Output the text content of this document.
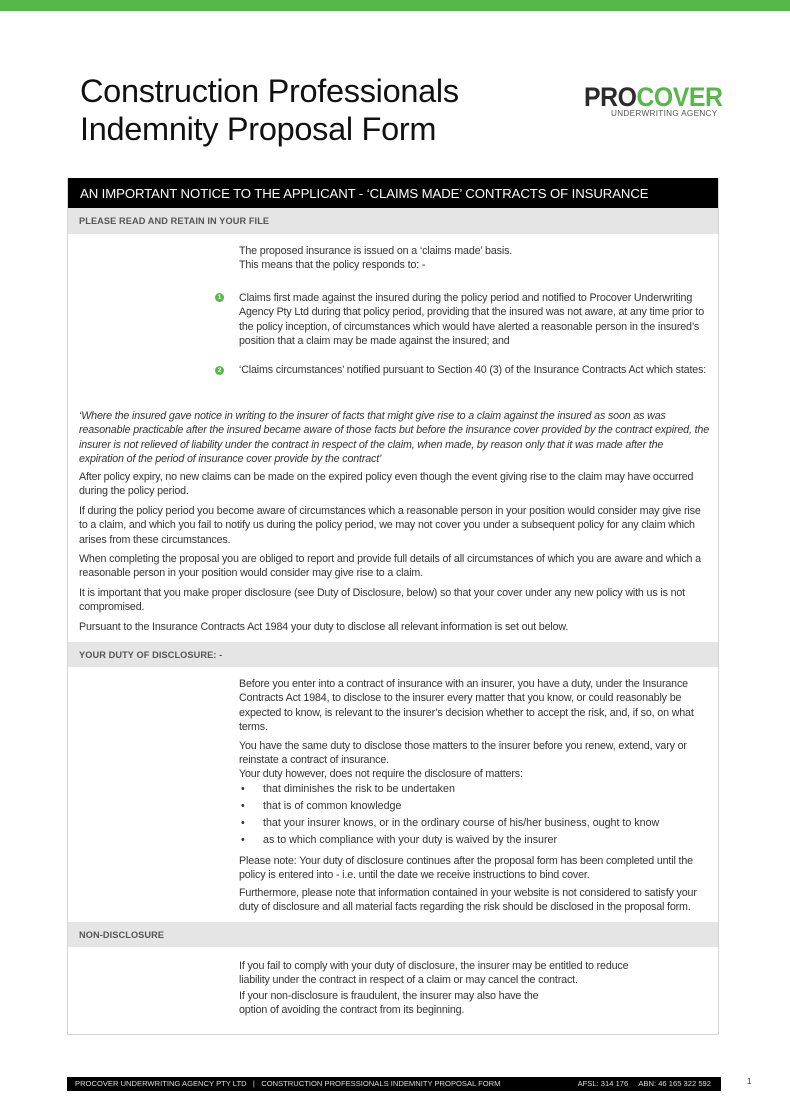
Construction Professionals
Indemnity Proposal Form
PROCOVER
UNDERWRITING AGENCY
AN IMPORTANT NOTICE TO THE APPLICANT - ‘CLAIMS MADE’ CONTRACTS OF INSURANCE
PLEASE READ AND RETAIN IN YOUR FILE
The proposed insurance is issued on a ‘claims made’ basis.
This means that the policy responds to: -
1 Claims first made against the insured during the policy period and notified to Procover Underwriting Agency Pty Ltd during that policy period, providing that the insured was not aware, at any time prior to the policy inception, of circumstances which would have alerted a reasonable person in the insured’s position that a claim may be made against the insured; and
2 ‘Claims circumstances’ notified pursuant to Section 40 (3) of the Insurance Contracts Act which states:
‘Where the insured gave notice in writing to the insurer of facts that might give rise to a claim against the insured as soon as was reasonable practicable after the insured became aware of those facts but before the insurance cover provided by the contract expired, the insurer is not relieved of liability under the contract in respect of the claim, when made, by reason only that it was made after the expiration of the period of insurance cover provide by the contract’
After policy expiry, no new claims can be made on the expired policy even though the event giving rise to the claim may have occurred during the policy period.
If during the policy period you become aware of circumstances which a reasonable person in your position would consider may give rise to a claim, and which you fail to notify us during the policy period, we may not cover you under a subsequent policy for any claim which arises from these circumstances.
When completing the proposal you are obliged to report and provide full details of all circumstances of which you are aware and which a reasonable person in your position would consider may give rise to a claim.
It is important that you make proper disclosure (see Duty of Disclosure, below) so that your cover under any new policy with us is not compromised.
Pursuant to the Insurance Contracts Act 1984 your duty to disclose all relevant information is set out below.
YOUR DUTY OF DISCLOSURE: -
Before you enter into a contract of insurance with an insurer, you have a duty, under the Insurance Contracts Act 1984, to disclose to the insurer every matter that you know, or could reasonably be expected to know, is relevant to the insurer’s decision whether to accept the risk, and, if so, on what terms.
You have the same duty to disclose those matters to the insurer before you renew, extend, vary or reinstate a contract of insurance.
Your duty however, does not require the disclosure of matters:
• that diminishes the risk to be undertaken
• that is of common knowledge
• that your insurer knows, or in the ordinary course of his/her business, ought to know
• as to which compliance with your duty is waived by the insurer
Please note: Your duty of disclosure continues after the proposal form has been completed until the policy is entered into - i.e. until the date we receive instructions to bind cover.
Furthermore, please note that information contained in your website is not considered to satisfy your duty of disclosure and all material facts regarding the risk should be disclosed in the proposal form.
NON-DISCLOSURE
If you fail to comply with your duty of disclosure, the insurer may be entitled to reduce
liability under the contract in respect of a claim or may cancel the contract.
If your non-disclosure is fraudulent, the insurer may also have the
option of avoiding the contract from its beginning.
PROCOVER UNDERWRITING AGENCY PTY LTD   |   CONSTRUCTION PROFESSIONALS INDEMNITY PROPOSAL FORM	AFSL: 314 176     ABN: 46 165 322 592	1
